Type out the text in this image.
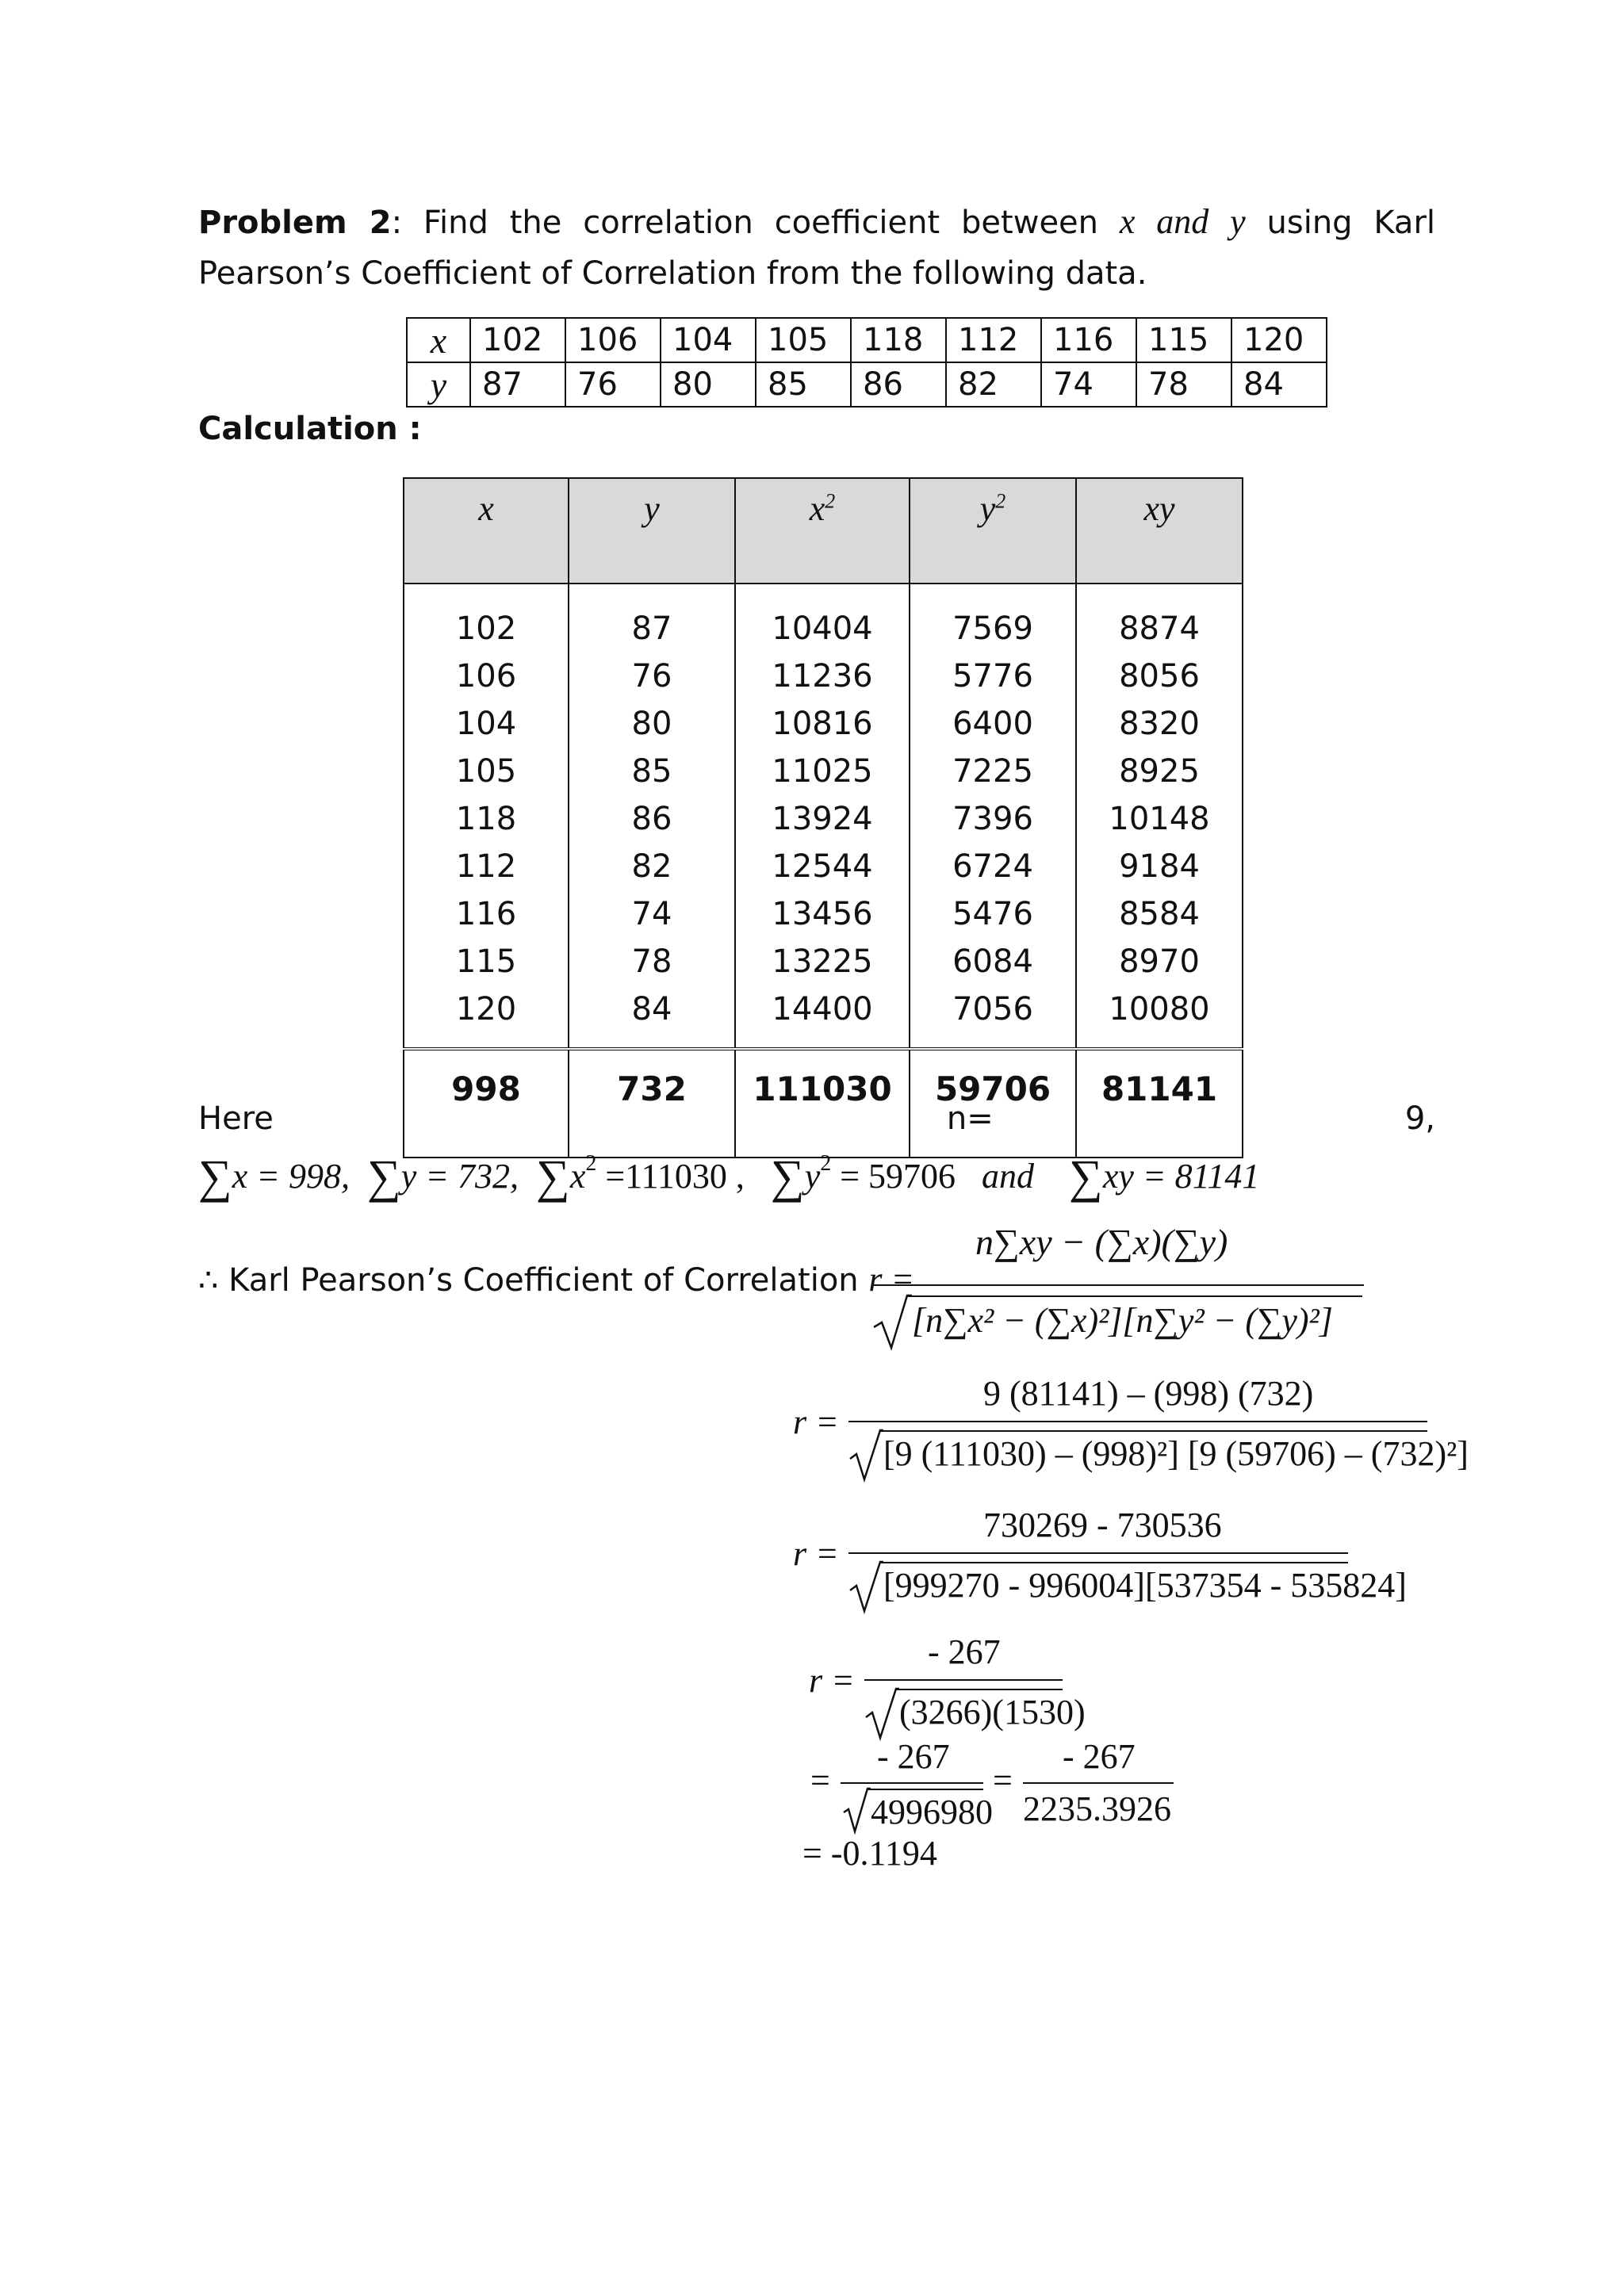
Problem 2: Find the correlation coefficient between x and y using Karl Pearson’s Coefficient of Correlation from the following data.
x	102	106	104	105	118	112	116	115	120
y	87	76	80	85	86	82	74	78	84
Calculation :
x	y	$x^2$	$y^2$	xy
102	87	10404	7569	8874
106	76	11236	5776	8056
104	80	10816	6400	8320
105	85	11025	7225	8925
118	86	13924	7396	10148
112	82	12544	6724	9184
116	74	13456	5476	8584
115	78	13225	6084	8970
120	84	14400	7056	10080
998	732	111030	59706	81141
Here	n=	9,
∑x = 998, ∑y = 732, $\sum x^2 =111030$ , $\sum y^2 = 59706$ and ∑xy = 81141
∴ Karl Pearson’s Coefficient of Correlation r =
n∑xy − (∑x)(∑y)
[n∑x² − (∑x)²][n∑y² − (∑y)²]
r =
9 (81141) – (998) (732)
[9 (111030) – (998)²] [9 (59706) – (732)²]
r =
730269 - 730536
[999270 - 996004][537354 - 535824]
r =
- 267
(3266)(1530)
=
- 267
4996980
=
- 267
2235.3926
= -0.1194
